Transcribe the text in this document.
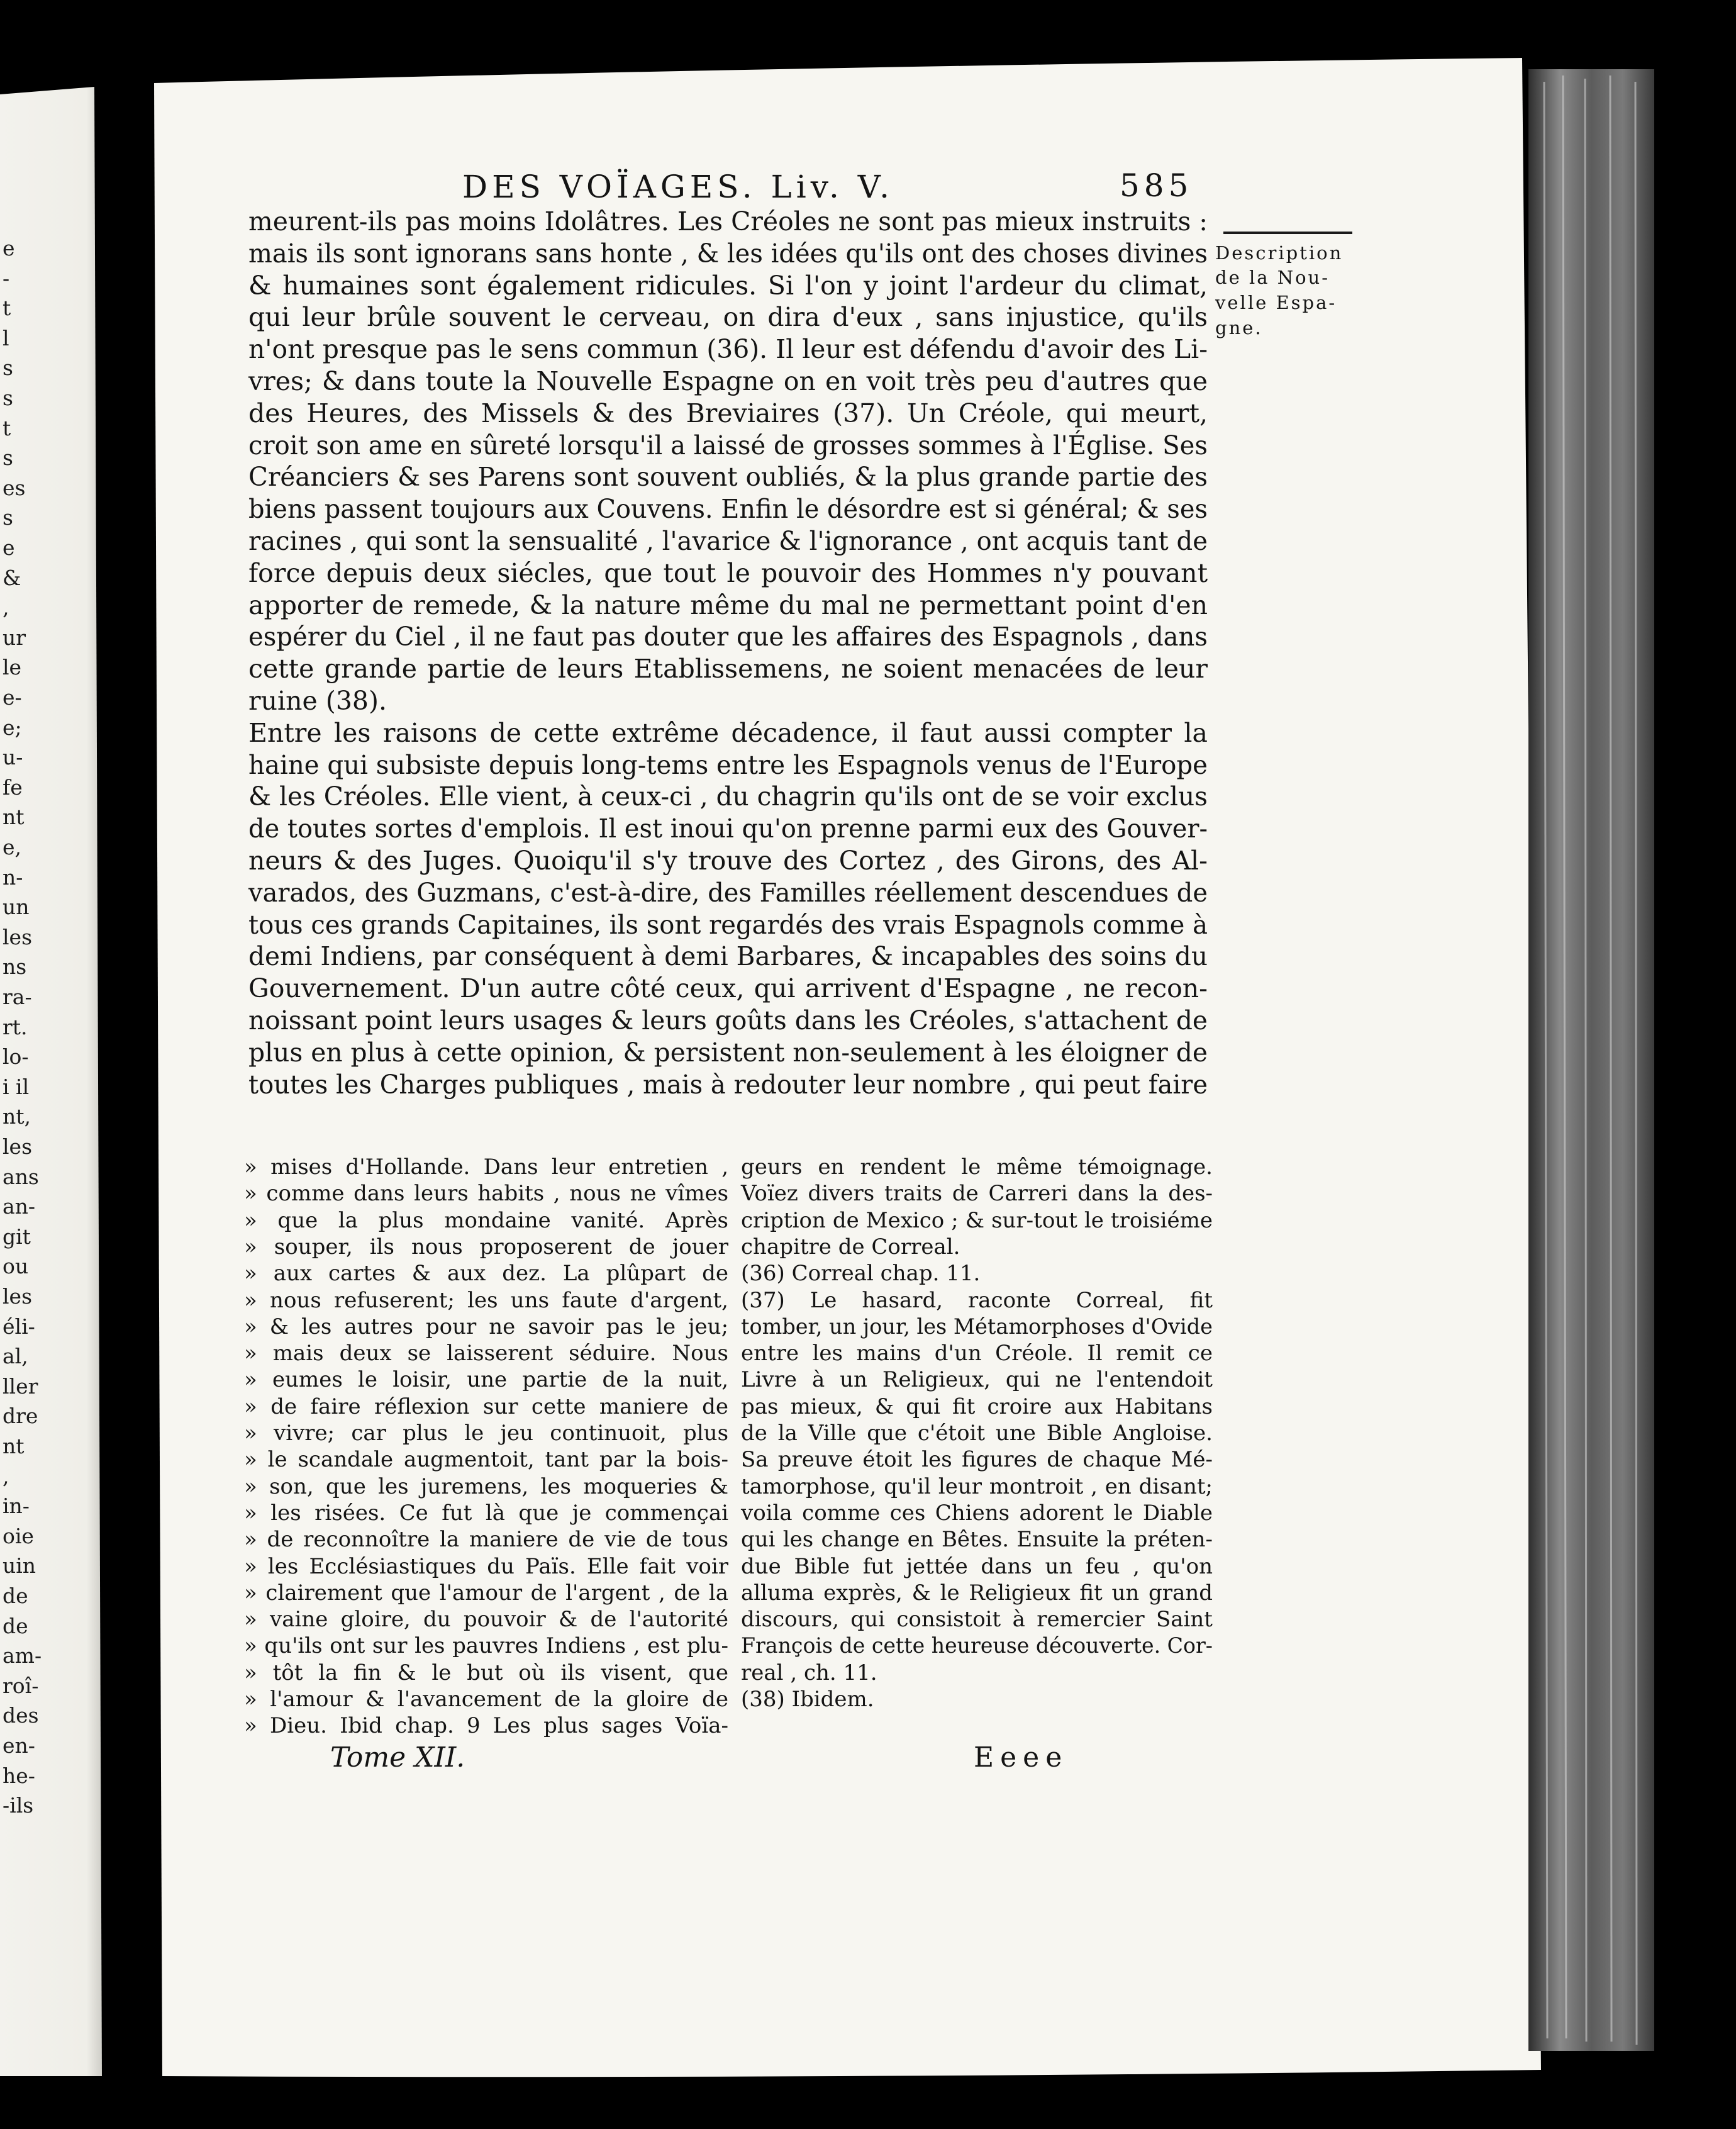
e
-
t
l
s
s
t
s
es
s
e
&
,
ur
le
e-
e;
u-
fe
nt
e,
n-
un
les
ns
ra-
rt.
lo-
i il
nt,
les
ans
an-
git
ou
les
éli-
al,
ller
dre
nt
,
in-
oie
uin
de
de
am-
roî-
des
en-
he-
-ils
DES VOÏAGES. Liv. V.	585
Description
de la Nou-
velle Espa-
gne.
meurent-ils pas moins Idolâtres. Les Créoles ne sont pas mieux instruits :
mais ils sont ignorans sans honte , & les idées qu'ils ont des choses divines
& humaines sont également ridicules. Si l'on y joint l'ardeur du climat,
qui leur brûle souvent le cerveau, on dira d'eux , sans injustice, qu'ils
n'ont presque pas le sens commun (36). Il leur est défendu d'avoir des Li-
vres; & dans toute la Nouvelle Espagne on en voit très peu d'autres que
des Heures, des Missels & des Breviaires (37). Un Créole, qui meurt,
croit son ame en sûreté lorsqu'il a laissé de grosses sommes à l'Église. Ses
Créanciers & ses Parens sont souvent oubliés, & la plus grande partie des
biens passent toujours aux Couvens. Enfin le désordre est si général; & ses
racines , qui sont la sensualité , l'avarice & l'ignorance , ont acquis tant de
force depuis deux siécles, que tout le pouvoir des Hommes n'y pouvant
apporter de remede, & la nature même du mal ne permettant point d'en
espérer du Ciel , il ne faut pas douter que les affaires des Espagnols , dans
cette grande partie de leurs Etablissemens, ne soient menacées de leur
ruine (38).
Entre les raisons de cette extrême décadence, il faut aussi compter la
haine qui subsiste depuis long-tems entre les Espagnols venus de l'Europe
& les Créoles. Elle vient, à ceux-ci , du chagrin qu'ils ont de se voir exclus
de toutes sortes d'emplois. Il est inoui qu'on prenne parmi eux des Gouver-
neurs & des Juges. Quoiqu'il s'y trouve des Cortez , des Girons, des Al-
varados, des Guzmans, c'est-à-dire, des Familles réellement descendues de
tous ces grands Capitaines, ils sont regardés des vrais Espagnols comme à
demi Indiens, par conséquent à demi Barbares, & incapables des soins du
Gouvernement. D'un autre côté ceux, qui arrivent d'Espagne , ne recon-
noissant point leurs usages & leurs goûts dans les Créoles, s'attachent de
plus en plus à cette opinion, & persistent non-seulement à les éloigner de
toutes les Charges publiques , mais à redouter leur nombre , qui peut faire
» mises d'Hollande. Dans leur entretien ,
» comme dans leurs habits , nous ne vîmes
» que la plus mondaine vanité. Après
» souper, ils nous proposerent de jouer
» aux cartes & aux dez. La plûpart de
» nous refuserent; les uns faute d'argent,
» & les autres pour ne savoir pas le jeu;
» mais deux se laisserent séduire. Nous
» eumes le loisir, une partie de la nuit,
» de faire réflexion sur cette maniere de
» vivre; car plus le jeu continuoit, plus
» le scandale augmentoit, tant par la bois-
» son, que les juremens, les moqueries &
» les risées. Ce fut là que je commençai
» de reconnoître la maniere de vie de tous
» les Ecclésiastiques du Païs. Elle fait voir
» clairement que l'amour de l'argent , de la
» vaine gloire, du pouvoir & de l'autorité
» qu'ils ont sur les pauvres Indiens , est plu-
» tôt la fin & le but où ils visent, que
» l'amour & l'avancement de la gloire de
» Dieu. Ibid chap. 9 Les plus sages Voïa-
geurs en rendent le même témoignage.
Voïez divers traits de Carreri dans la des-
cription de Mexico ; & sur-tout le troisiéme
chapitre de Correal.
(36) Correal chap. 11.
(37) Le hasard, raconte Correal, fit
tomber, un jour, les Métamorphoses d'Ovide
entre les mains d'un Créole. Il remit ce
Livre à un Religieux, qui ne l'entendoit
pas mieux, & qui fit croire aux Habitans
de la Ville que c'étoit une Bible Angloise.
Sa preuve étoit les figures de chaque Mé-
tamorphose, qu'il leur montroit , en disant;
voila comme ces Chiens adorent le Diable
qui les change en Bêtes. Ensuite la préten-
due Bible fut jettée dans un feu , qu'on
alluma exprès, & le Religieux fit un grand
discours, qui consistoit à remercier Saint
François de cette heureuse découverte. Cor-
real , ch. 11.
(38) Ibidem.
Tome XII.	Eeee
